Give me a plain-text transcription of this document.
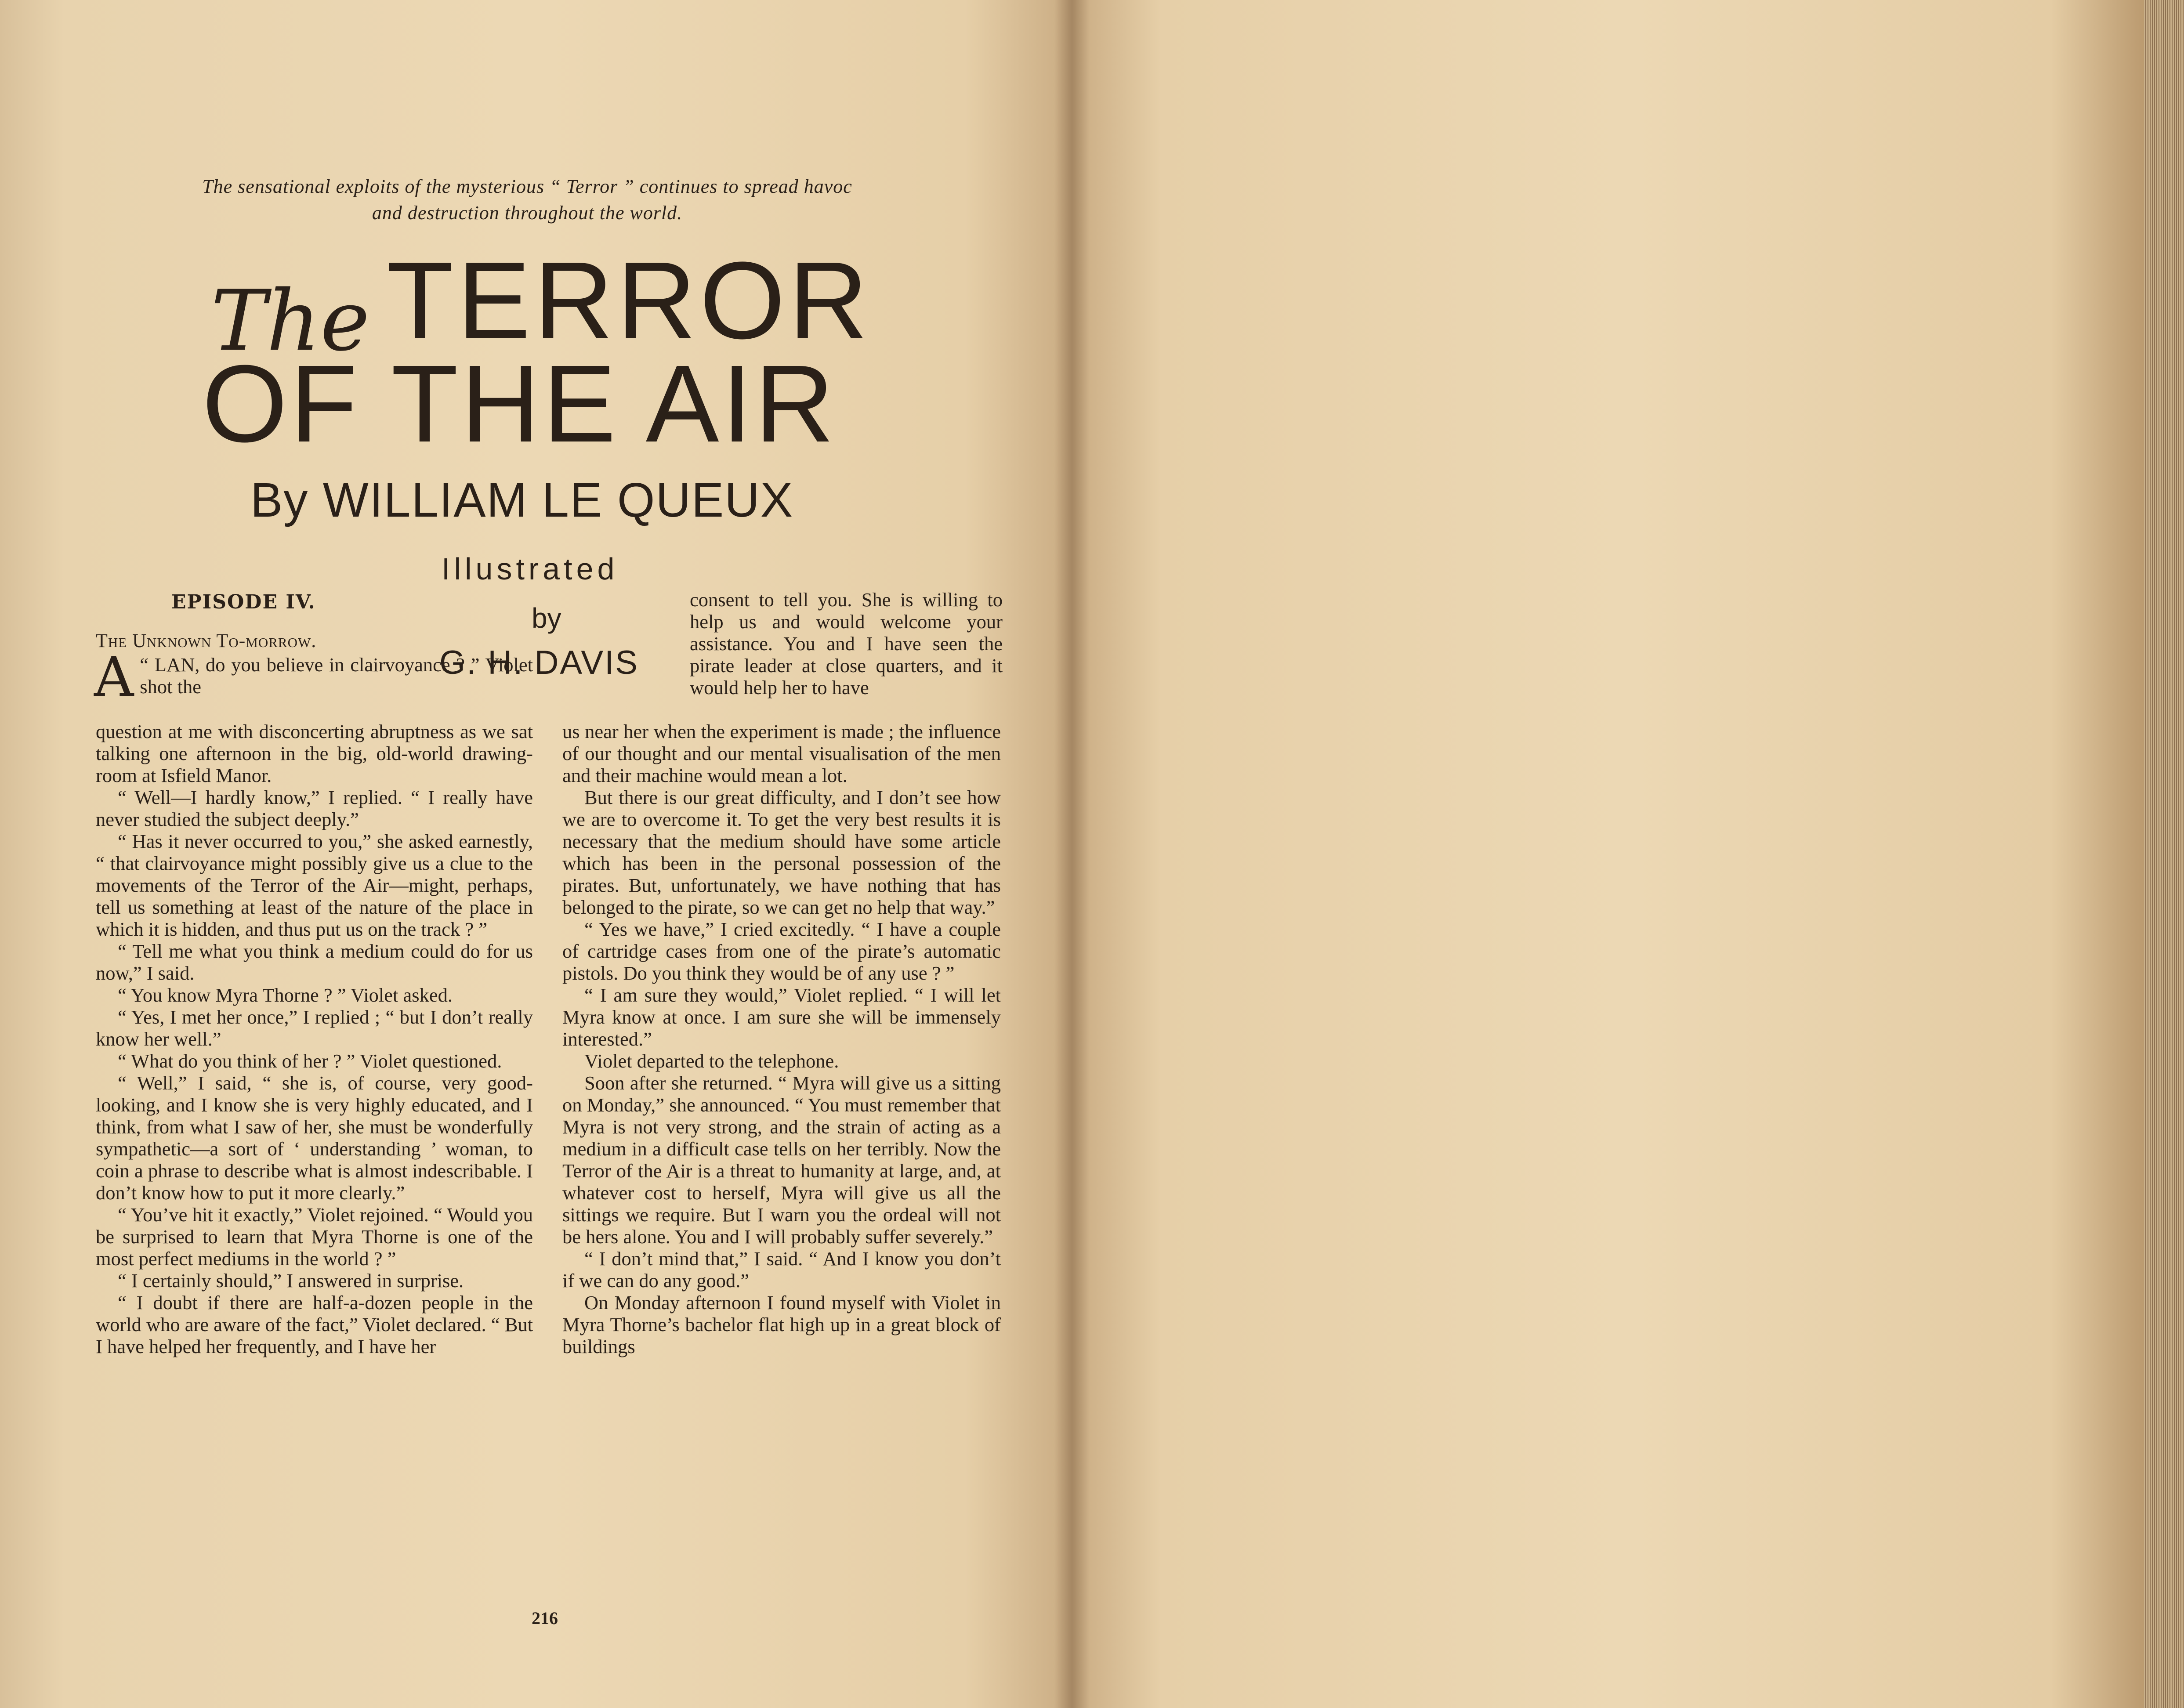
The sensational exploits of the mysterious “ Terror ” continues to spread havoc and destruction throughout the world.
The TERROR
OF THE AIR
By WILLIAM LE QUEUX
Illustrated
by
G. H. DAVIS
EPISODE IV.
The Unknown To-morrow.
A “ LAN, do you believe in clairvoyance ? ” Violet shot the

question at me with disconcerting abruptness as we sat talking one afternoon in the big, old-world drawing-room at Isfield Manor.

“ Well—I hardly know,” I replied. “ I really have never studied the subject deeply.”

“ Has it never occurred to you,” she asked earnestly, “ that clairvoyance might possibly give us a clue to the movements of the Terror of the Air—might, perhaps, tell us something at least of the nature of the place in which it is hidden, and thus put us on the track ? ”

“ Tell me what you think a medium could do for us now,” I said.

“ You know Myra Thorne ? ” Violet asked.

“ Yes, I met her once,” I replied ; “ but I don’t really know her well.”

“ What do you think of her ? ” Violet questioned.

“ Well,” I said, “ she is, of course, very good-looking, and I know she is very highly educated, and I think, from what I saw of her, she must be wonderfully sympathetic—a sort of ‘ understanding ’ woman, to coin a phrase to describe what is almost indescribable. I don’t know how to put it more clearly.”

“ You’ve hit it exactly,” Violet rejoined. “ Would you be surprised to learn that Myra Thorne is one of the most perfect mediums in the world ? ”

“ I certainly should,” I answered in surprise.

“ I doubt if there are half-a-dozen people in the world who are aware of the fact,” Violet declared. “ But I have helped her frequently, and I have her

consent to tell you. She is willing to help us and would welcome your assistance. You and I have seen the pirate leader at close quarters, and it would help her to have

us near her when the experiment is made ; the influence of our thought and our mental visualisation of the men and their machine would mean a lot.

But there is our great difficulty, and I don’t see how we are to overcome it. To get the very best results it is necessary that the medium should have some article which has been in the personal possession of the pirates. But, unfortunately, we have nothing that has belonged to the pirate, so we can get no help that way.”

“ Yes we have,” I cried excitedly. “ I have a couple of cartridge cases from one of the pirate’s automatic pistols. Do you think they would be of any use ? ”

“ I am sure they would,” Violet replied. “ I will let Myra know at once. I am sure she will be immensely interested.”

Violet departed to the telephone.

Soon after she returned. “ Myra will give us a sitting on Monday,” she announced. “ You must remember that Myra is not very strong, and the strain of acting as a medium in a difficult case tells on her terribly. Now the Terror of the Air is a threat to humanity at large, and, at whatever cost to herself, Myra will give us all the sittings we require. But I warn you the ordeal will not be hers alone. You and I will probably suffer severely.”

“ I don’t mind that,” I said. “ And I know you don’t if we can do any good.”

On Monday afternoon I found myself with Violet in Myra Thorne’s bachelor flat high up in a great block of buildings

216
